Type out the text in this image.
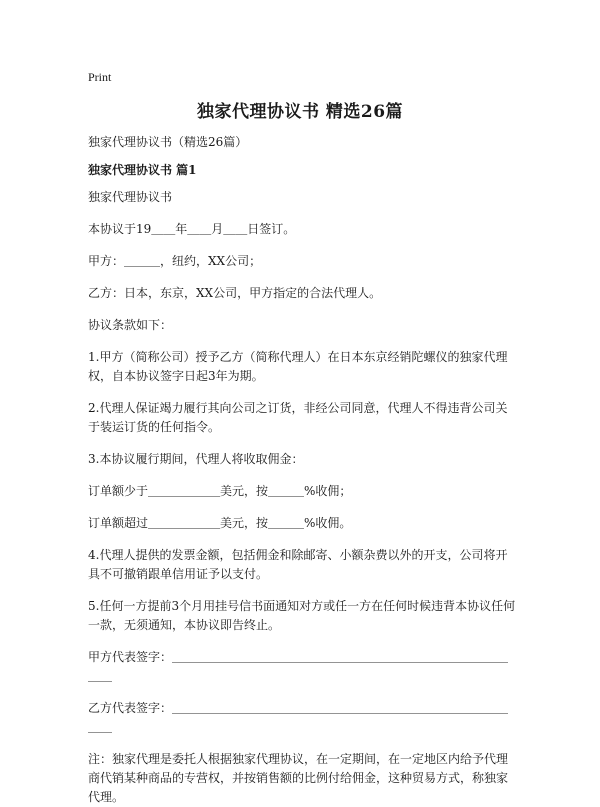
Print
独家代理协议书 精选26篇

独家代理协议书（精选26篇）

独家代理协议书 篇1

独家代理协议书

本协议于19＿＿年＿＿月＿＿日签订。

甲方：＿＿＿，纽约，XX公司；

乙方：日本，东京，XX公司，甲方指定的合法代理人。

协议条款如下：

1.甲方（简称公司）授予乙方（简称代理人）在日本东京经销陀螺仪的独家代理权，自本协议签字日起3年为期。

2.代理人保证竭力履行其向公司之订货，非经公司同意，代理人不得违背公司关于装运订货的任何指令。

3.本协议履行期间，代理人将收取佣金：

订单额少于＿＿＿＿＿＿美元，按＿＿＿%收佣；

订单额超过＿＿＿＿＿＿美元，按＿＿＿%收佣。

4.代理人提供的发票金额，包括佣金和除邮寄、小额杂费以外的开支，公司将开具不可撤销跟单信用证予以支付。

5.任何一方提前3个月用挂号信书面通知对方或任一方在任何时候违背本协议任何一款，无须通知，本协议即告终止。

甲方代表签字：＿＿＿＿＿＿＿＿＿＿＿＿＿＿＿＿＿＿＿＿＿＿＿＿＿＿＿＿＿＿

乙方代表签字：＿＿＿＿＿＿＿＿＿＿＿＿＿＿＿＿＿＿＿＿＿＿＿＿＿＿＿＿＿＿

注：独家代理是委托人根据独家代理协议，在一定期间，在一定地区内给予代理商代销某种商品的专营权，并按销售额的比例付给佣金，这种贸易方式，称独家代理。
